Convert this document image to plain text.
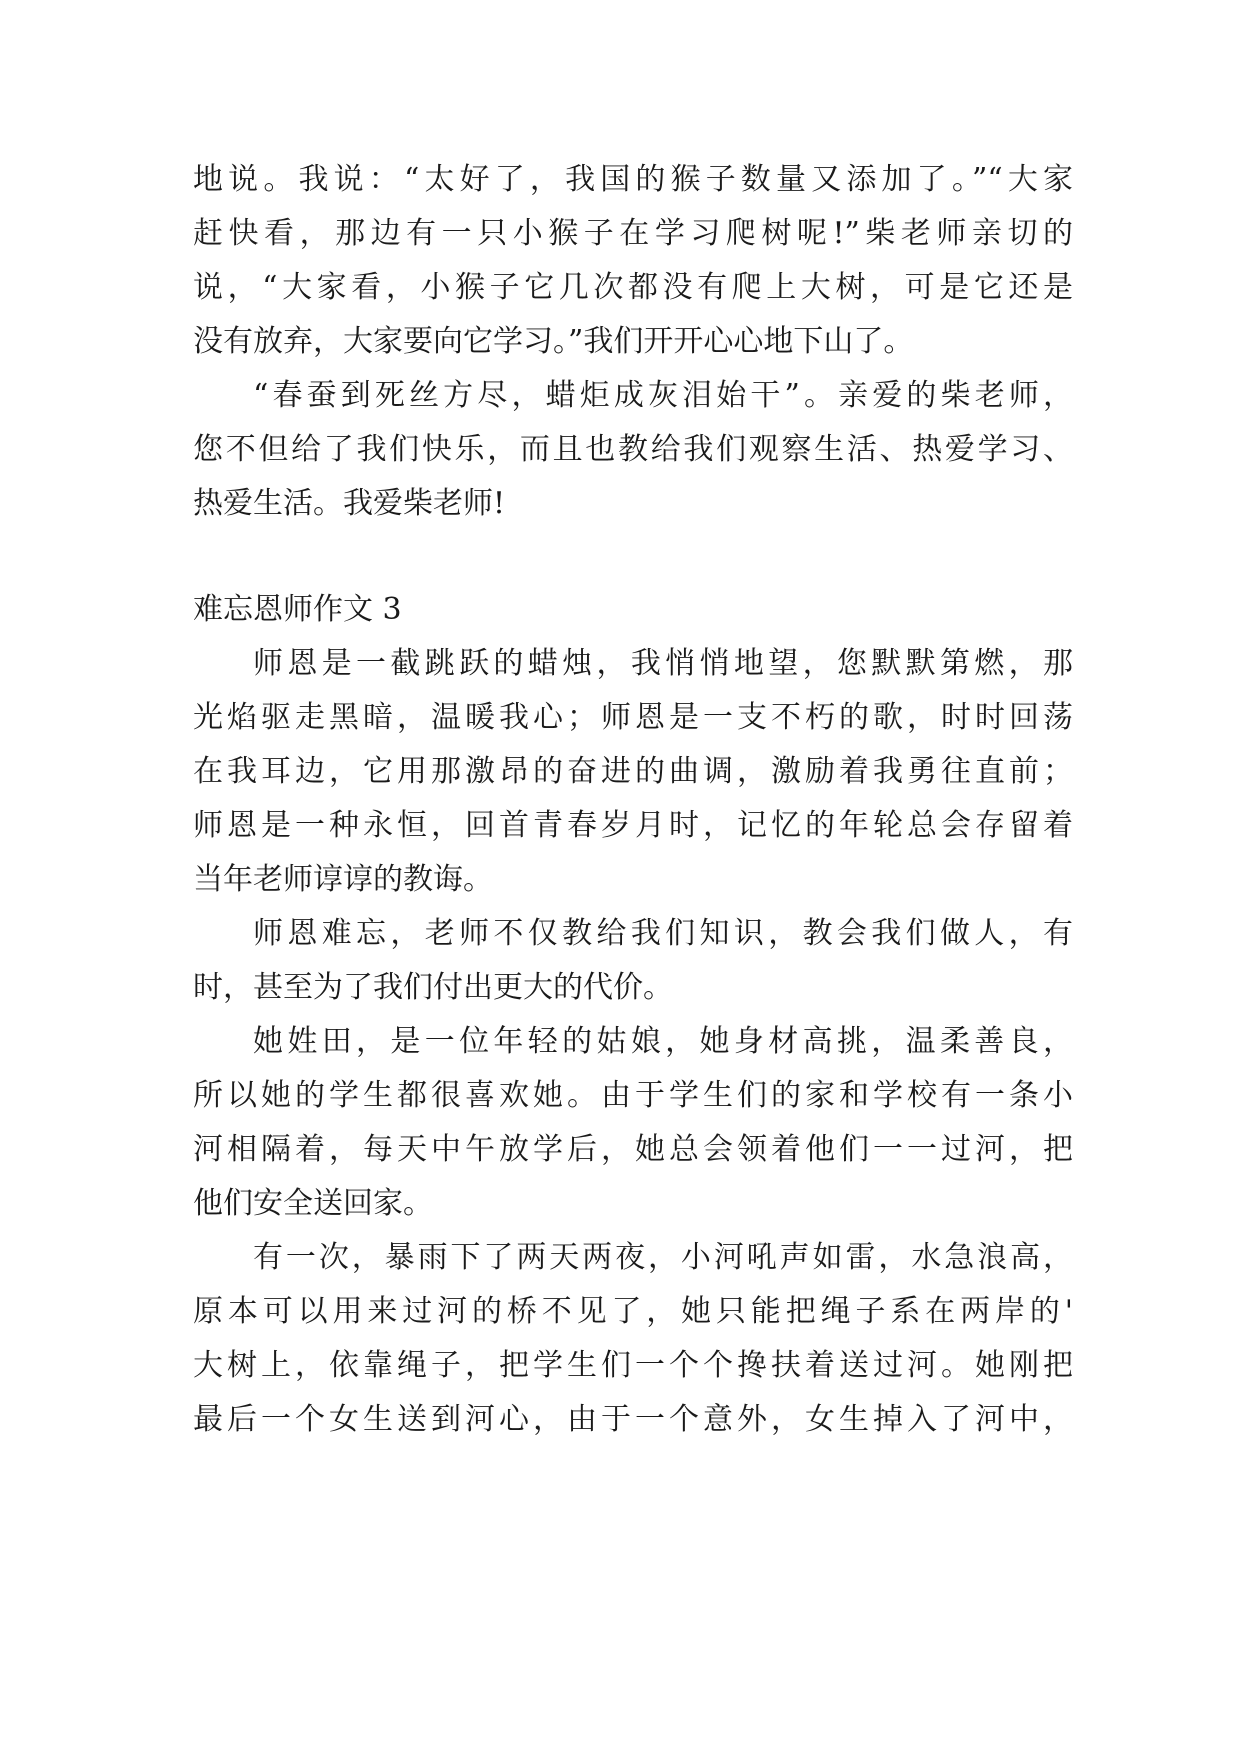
地说。我说：“太好了，我国的猴子数量又添加了。”“大家
赶快看，那边有一只小猴子在学习爬树呢!”柴老师亲切的
说，“大家看，小猴子它几次都没有爬上大树，可是它还是
没有放弃，大家要向它学习。”我们开开心心地下山了。
“春蚕到死丝方尽，蜡炬成灰泪始干”。亲爱的柴老师，
您不但给了我们快乐，而且也教给我们观察生活、热爱学习、
热爱生活。我爱柴老师!
难忘恩师作文 3
师恩是一截跳跃的蜡烛，我悄悄地望，您默默第燃，那
光焰驱走黑暗，温暖我心；师恩是一支不朽的歌，时时回荡
在我耳边，它用那激昂的奋进的曲调，激励着我勇往直前；
师恩是一种永恒，回首青春岁月时，记忆的年轮总会存留着
当年老师谆谆的教诲。
师恩难忘，老师不仅教给我们知识，教会我们做人，有
时，甚至为了我们付出更大的代价。
她姓田，是一位年轻的姑娘，她身材高挑，温柔善良，
所以她的学生都很喜欢她。由于学生们的家和学校有一条小
河相隔着，每天中午放学后，她总会领着他们一一过河，把
他们安全送回家。
有一次，暴雨下了两天两夜，小河吼声如雷，水急浪高，
原本可以用来过河的桥不见了，她只能把绳子系在两岸的'
大树上，依靠绳子，把学生们一个个搀扶着送过河。她刚把
最后一个女生送到河心，由于一个意外，女生掉入了河中，
